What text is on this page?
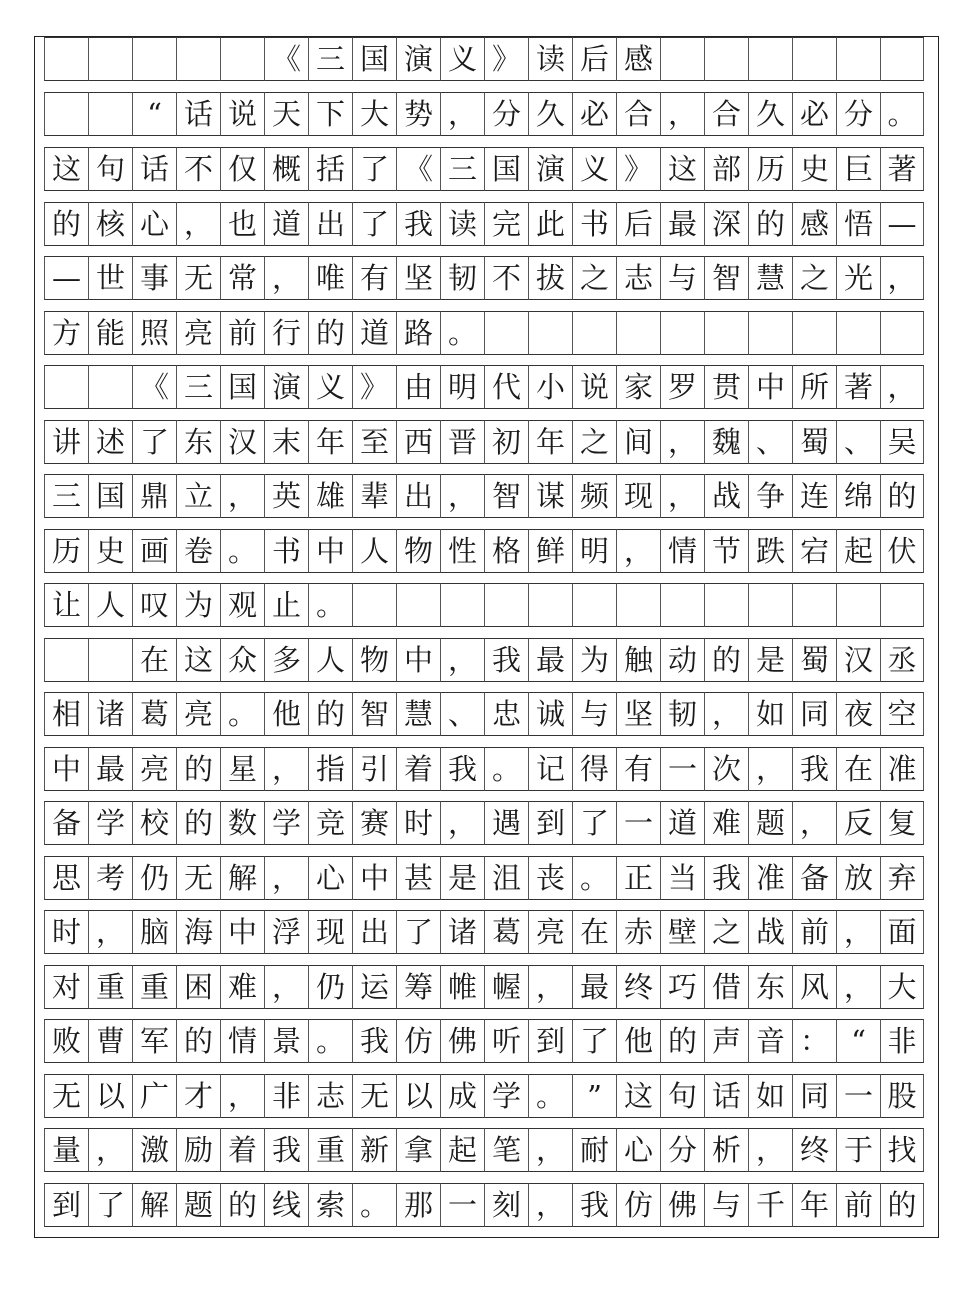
《 三 国 演 义 》 读 后 感
“ 话 说 天 下 大 势 ， 分 久 必 合 ， 合 久 必 分 。
这 句 话 不 仅 概 括 了 《 三 国 演 义 》 这 部 历 史 巨 著
的 核 心 ， 也 道 出 了 我 读 完 此 书 后 最 深 的 感 悟 —
— 世 事 无 常 ， 唯 有 坚 韧 不 拔 之 志 与 智 慧 之 光 ，
方 能 照 亮 前 行 的 道 路 。
《 三 国 演 义 》 由 明 代 小 说 家 罗 贯 中 所 著 ，
讲 述 了 东 汉 末 年 至 西 晋 初 年 之 间 ， 魏 、 蜀 、 吴
三 国 鼎 立 ， 英 雄 辈 出 ， 智 谋 频 现 ， 战 争 连 绵 的
历 史 画 卷 。 书 中 人 物 性 格 鲜 明 ， 情 节 跌 宕 起 伏
让 人 叹 为 观 止 。
在 这 众 多 人 物 中 ， 我 最 为 触 动 的 是 蜀 汉 丞
相 诸 葛 亮 。 他 的 智 慧 、 忠 诚 与 坚 韧 ， 如 同 夜 空
中 最 亮 的 星 ， 指 引 着 我 。 记 得 有 一 次 ， 我 在 准
备 学 校 的 数 学 竞 赛 时 ， 遇 到 了 一 道 难 题 ， 反 复
思 考 仍 无 解 ， 心 中 甚 是 沮 丧 。 正 当 我 准 备 放 弃
时 ， 脑 海 中 浮 现 出 了 诸 葛 亮 在 赤 壁 之 战 前 ， 面
对 重 重 困 难 ， 仍 运 筹 帷 幄 ， 最 终 巧 借 东 风 ， 大
败 曹 军 的 情 景 。 我 仿 佛 听 到 了 他 的 声 音 ： “ 非
无 以 广 才 ， 非 志 无 以 成 学 。 ” 这 句 话 如 同 一 股
量 ， 激 励 着 我 重 新 拿 起 笔 ， 耐 心 分 析 ， 终 于 找
到 了 解 题 的 线 索 。 那 一 刻 ， 我 仿 佛 与 千 年 前 的
